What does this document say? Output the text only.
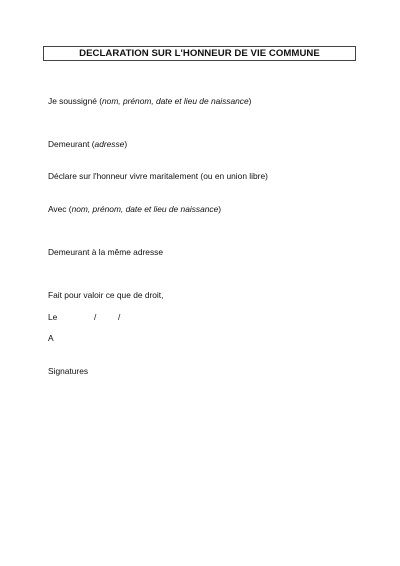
DECLARATION SUR L'HONNEUR DE VIE COMMUNE
Je soussigné (nom, prénom, date et lieu de naissance)
Demeurant (adresse)
Déclare sur l'honneur vivre maritalement (ou en union libre)
Avec (nom, prénom, date et lieu de naissance)
Demeurant à la même adresse
Fait pour valoir ce que de droit,
Le	/	/
A
Signatures
